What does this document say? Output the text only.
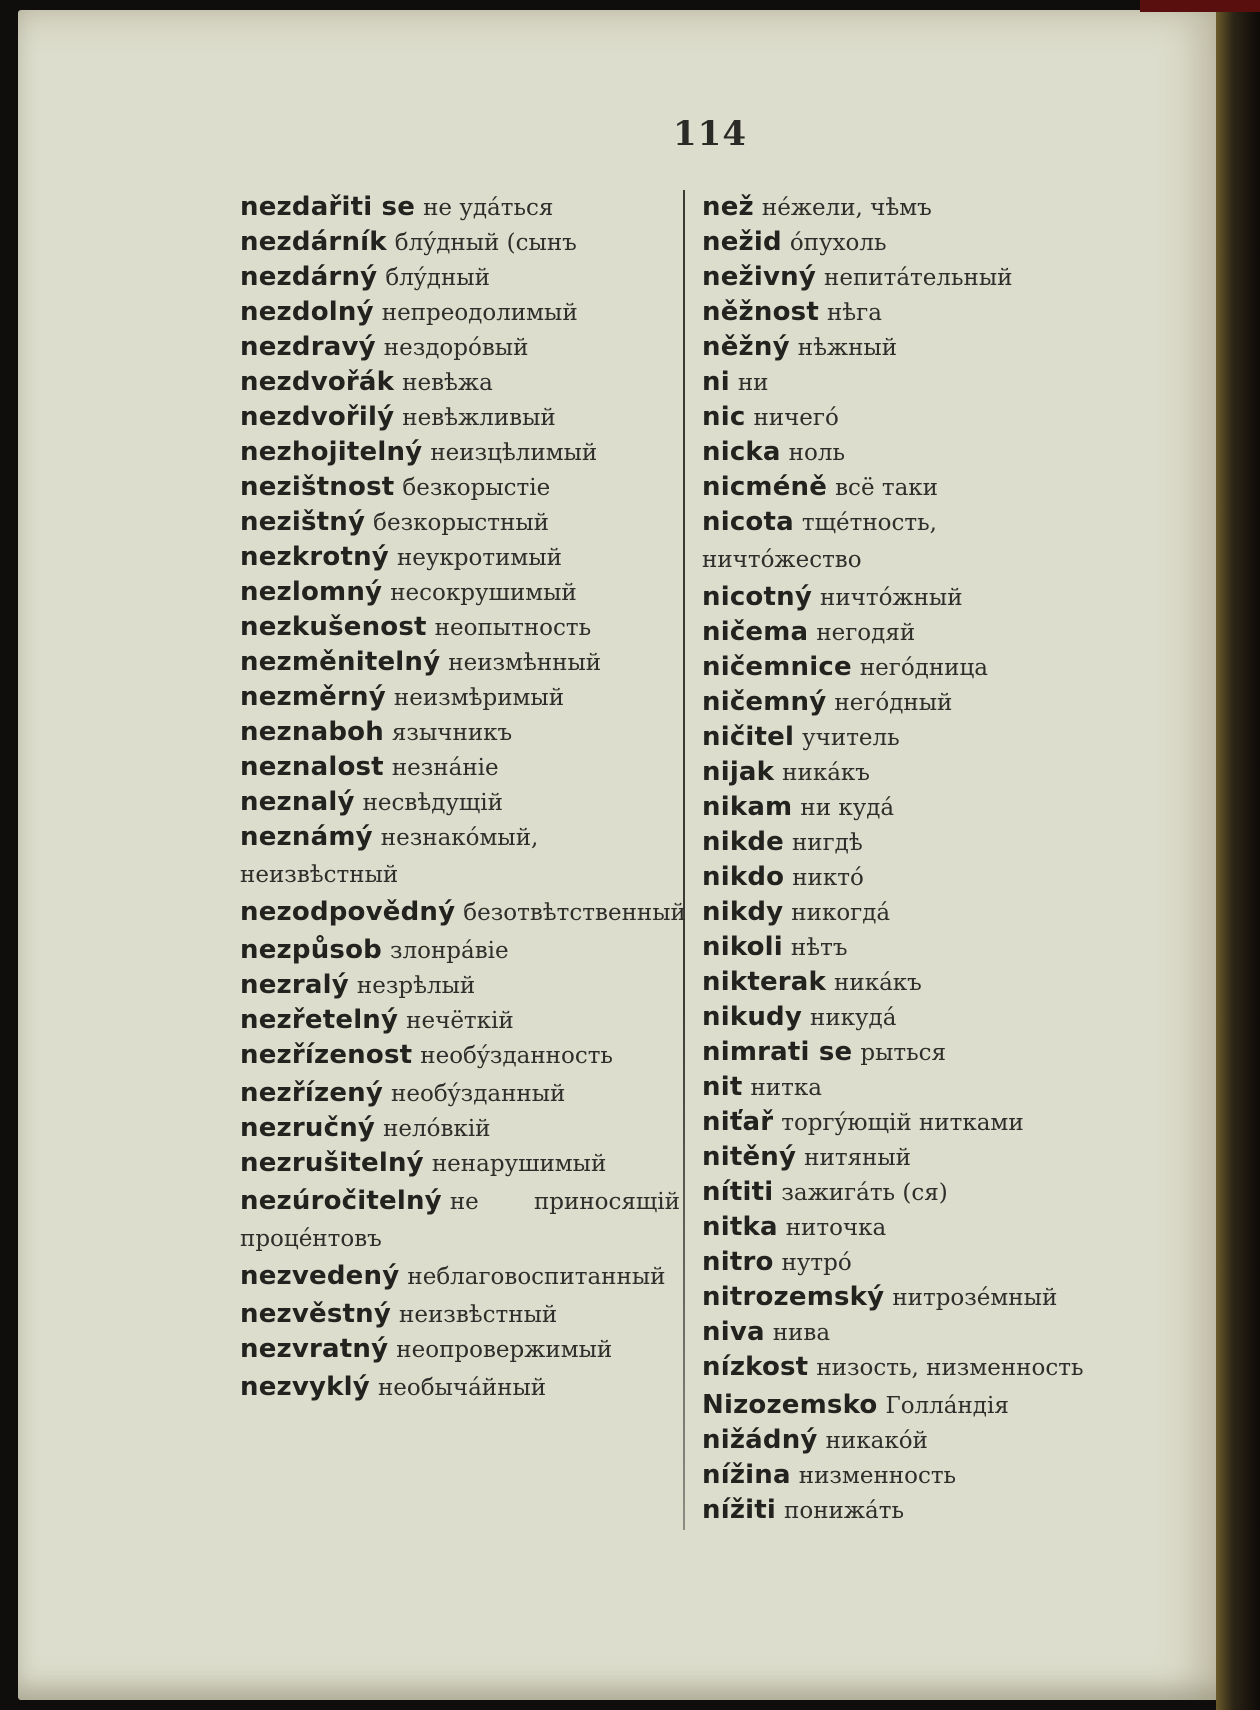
114
nezdařiti se не удáться
nezdárník блýдный (сынъ
nezdárný блýдный
nezdolný непреодолимый
nezdravý нездорóвый
nezdvořák невѣжа
nezdvořilý невѣжливый
nezhojitelný неизцѣлимый
nezištnost безкорыстіе
nezištný безкорыстный
nezkrotný неукротимый
nezlomný несокрушимый
nezkušenost неопытность
nezměnitelný неизмѣнный
nezměrný неизмѣримый
neznaboh язычникъ
neznalost незнáніе
neznalý несвѣдущій
neznámý незнакóмый, неизвѣстный
nezodpovědný безотвѣтственный
nezpůsob злонрáвіе
nezralý незрѣлый
nezřetelný нечёткій
nezřízenost необýзданность
nezřízený необýзданный
nezručný нелóвкій
nezrušitelný ненарушимый
nezúročitelný не приносящій процéнтовъ
nezvedený неблаговоспитанный
nezvěstný неизвѣстный
nezvratný неопровержимый
nezvyklý необычáйный
než нéжели, чѣмъ
nežid óпухоль
neživný непитáтельный
něžnost нѣга
něžný нѣжный
ni ни
nic ничегó
nicka ноль
nicméně всё таки
nicota тщéтность, ничтóжество
nicotný ничтóжный
ničema негодяй
ničemnice негóдница
ničemný негóдный
ničitel учитель
nijak никáкъ
nikam ни кудá
nikde нигдѣ
nikdo никтó
nikdy никогдá
nikoli нѣтъ
nikterak никáкъ
nikudy никудá
nimrati se рыться
nit нитка
niťař торгýющій нитками
nitěný нитяный
nítiti зажигáть (ся)
nitka ниточка
nitro нутрó
nitrozemský нитрозéмный
niva нива
nízkost низость, низменность
Nizozemsko Голлáндія
nižádný никакóй
nížina низменность
nížiti понижáть
